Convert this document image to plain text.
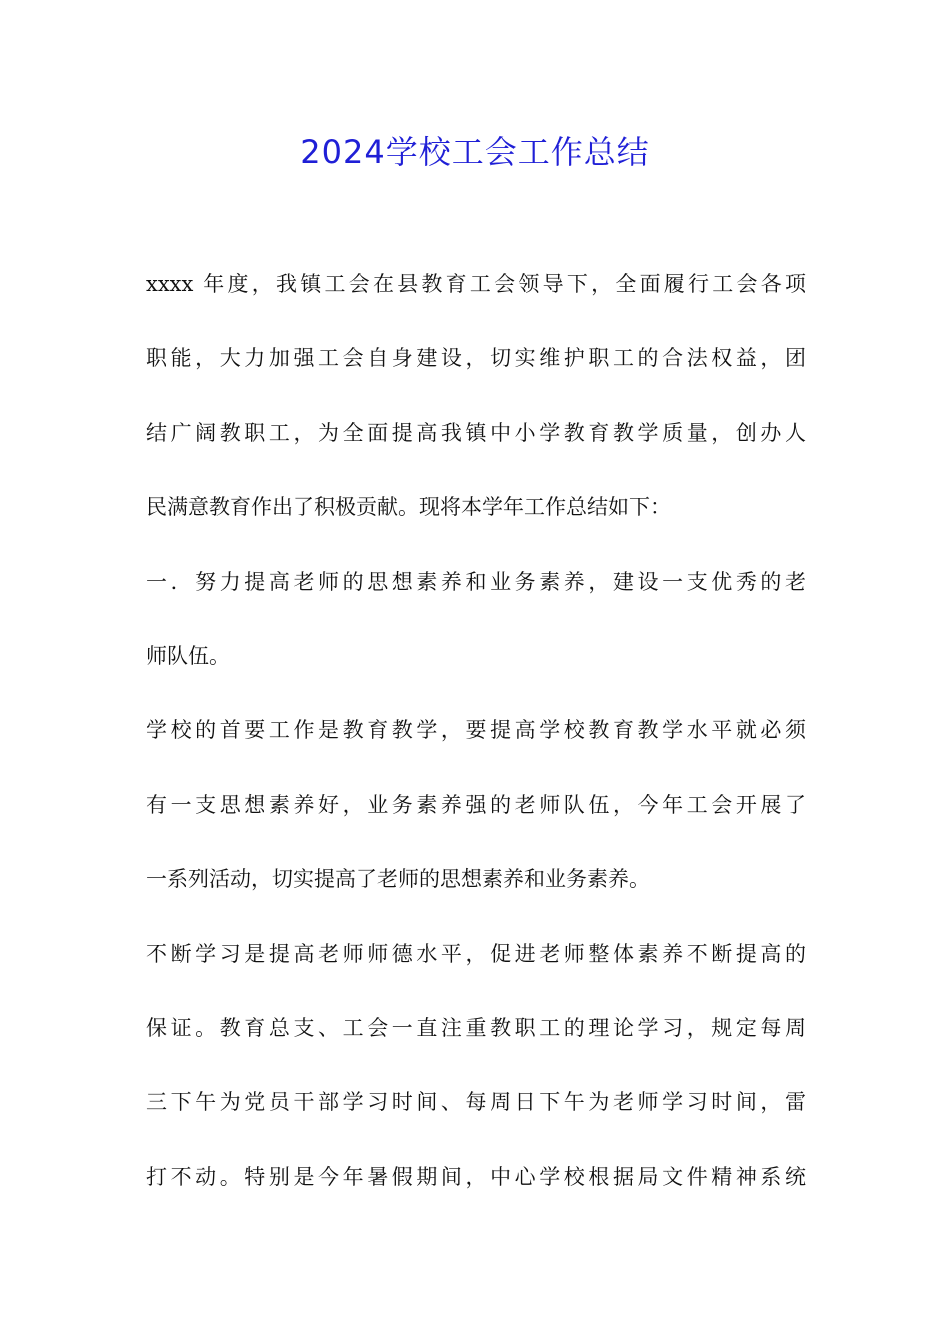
2024学校工会工作总结
xxxx 年度，我镇工会在县教育工会领导下，全面履行工会各项
职能，大力加强工会自身建设，切实维护职工的合法权益，团
结广阔教职工，为全面提高我镇中小学教育教学质量，创办人
民满意教育作出了积极贡献。现将本学年工作总结如下：
一．努力提高老师的思想素养和业务素养，建设一支优秀的老
师队伍。
学校的首要工作是教育教学，要提高学校教育教学水平就必须
有一支思想素养好，业务素养强的老师队伍，今年工会开展了
一系列活动，切实提高了老师的思想素养和业务素养。
不断学习是提高老师师德水平，促进老师整体素养不断提高的
保证。教育总支、工会一直注重教职工的理论学习，规定每周
三下午为党员干部学习时间、每周日下午为老师学习时间，雷
打不动。特别是今年暑假期间，中心学校根据局文件精神系统
